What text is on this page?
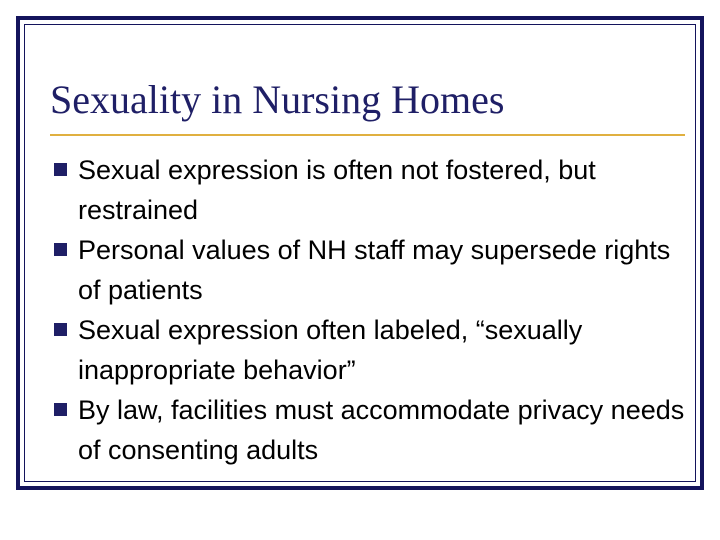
Sexuality in Nursing Homes
Sexual expression is often not fostered, but restrained
Personal values of NH staff may supersede rights of patients
Sexual expression often labeled, “sexually inappropriate behavior”
By law, facilities must accommodate privacy needs of consenting adults
